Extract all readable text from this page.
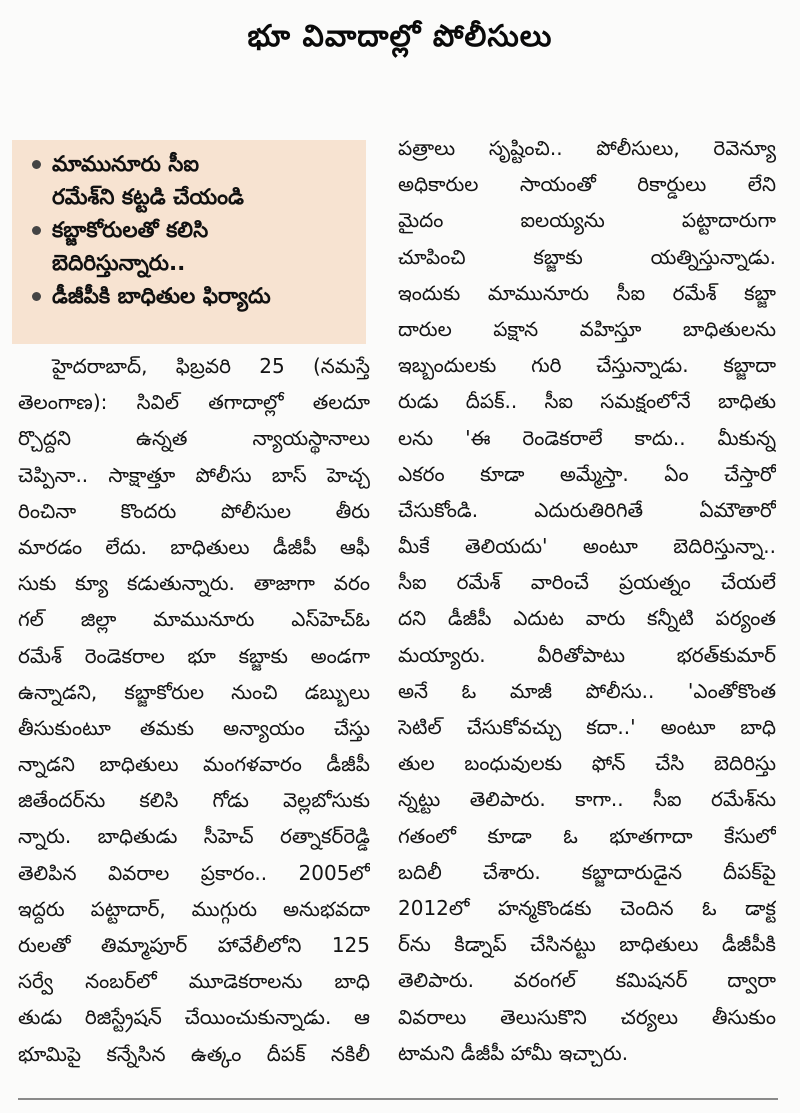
భూ వివాదాల్లో పోలీసులు
మామునూరు సీఐ
రమేశ్‌ని కట్టడి చేయండి
కబ్జాకోరులతో కలిసి
బెదిరిస్తున్నారు..
డీజీపీకి బాధితుల ఫిర్యాదు
హైదరాబాద్, ఫిబ్రవరి 25 (నమస్తే
తెలంగాణ): సివిల్ తగాదాల్లో తలదూ
ర్చొద్దని ఉన్నత న్యాయస్థానాలు
చెప్పినా.. సాక్షాత్తూ పోలీసు బాస్ హెచ్చ
రించినా కొందరు పోలీసుల తీరు
మారడం లేదు. బాధితులు డీజీపీ ఆఫీ
సుకు క్యూ కడుతున్నారు. తాజాగా వరం
గల్ జిల్లా మామునూరు ఎస్‌హెచ్‌ఓ
రమేశ్ రెండెకరాల భూ కబ్జాకు అండగా
ఉన్నాడని, కబ్జాకోరుల నుంచి డబ్బులు
తీసుకుంటూ తమకు అన్యాయం చేస్తు
న్నాడని బాధితులు మంగళవారం డీజీపీ
జితేందర్‌ను కలిసి గోడు వెల్లబోసుకు
న్నారు. బాధితుడు సీహెచ్ రత్నాకర్‌రెడ్డి
తెలిపిన వివరాల ప్రకారం.. 2005లో
ఇద్దరు పట్టాదార్, ముగ్గురు అనుభవదా
రులతో తిమ్మాపూర్ హావేలీలోని 125
సర్వే నంబర్‌లో మూడెకరాలను బాధి
తుడు రిజిస్ట్రేషన్ చేయించుకున్నాడు. ఆ
భూమిపై కన్నేసిన ఉత్కం దీపక్ నకిలీ
పత్రాలు సృష్టించి.. పోలీసులు, రెవెన్యూ
అధికారుల సాయంతో రికార్డులు లేని
మైదం ఐలయ్యను పట్టాదారుగా
చూపించి కబ్జాకు యత్నిస్తున్నాడు.
ఇందుకు మామునూరు సీఐ రమేశ్ కబ్జా
దారుల పక్షాన వహిస్తూ బాధితులను
ఇబ్బందులకు గురి చేస్తున్నాడు. కబ్జాదా
రుడు దీపక్.. సీఐ సమక్షంలోనే బాధితు
లను 'ఈ రెండెకరాలే కాదు.. మీకున్న
ఎకరం కూడా అమ్మేస్తా. ఏం చేస్తారో
చేసుకోండి. ఎదురుతిరిగితే ఏమౌతారో
మీకే తెలియదు' అంటూ బెదిరిస్తున్నా..
సీఐ రమేశ్ వారించే ప్రయత్నం చేయలే
దని డీజీపీ ఎదుట వారు కన్నీటి పర్యంత
మయ్యారు. వీరితోపాటు భరత్‌కుమార్
అనే ఓ మాజీ పోలీసు.. 'ఎంతోకొంత
సెటిల్ చేసుకోవచ్చు కదా..' అంటూ బాధి
తుల బంధువులకు ఫోన్ చేసి బెదిరిస్తు
న్నట్టు తెలిపారు. కాగా.. సీఐ రమేశ్‌ను
గతంలో కూడా ఓ భూతగాదా కేసులో
బదిలీ చేశారు. కబ్జాదారుడైన దీపక్‌పై
2012లో హన్మకొండకు చెందిన ఓ డాక్ట
ర్‌ను కిడ్నాప్ చేసినట్టు బాధితులు డీజీపీకి
తెలిపారు. వరంగల్ కమిషనర్ ద్వారా
వివరాలు తెలుసుకొని చర్యలు తీసుకుం
టామని డీజీపీ హామీ ఇచ్చారు.
